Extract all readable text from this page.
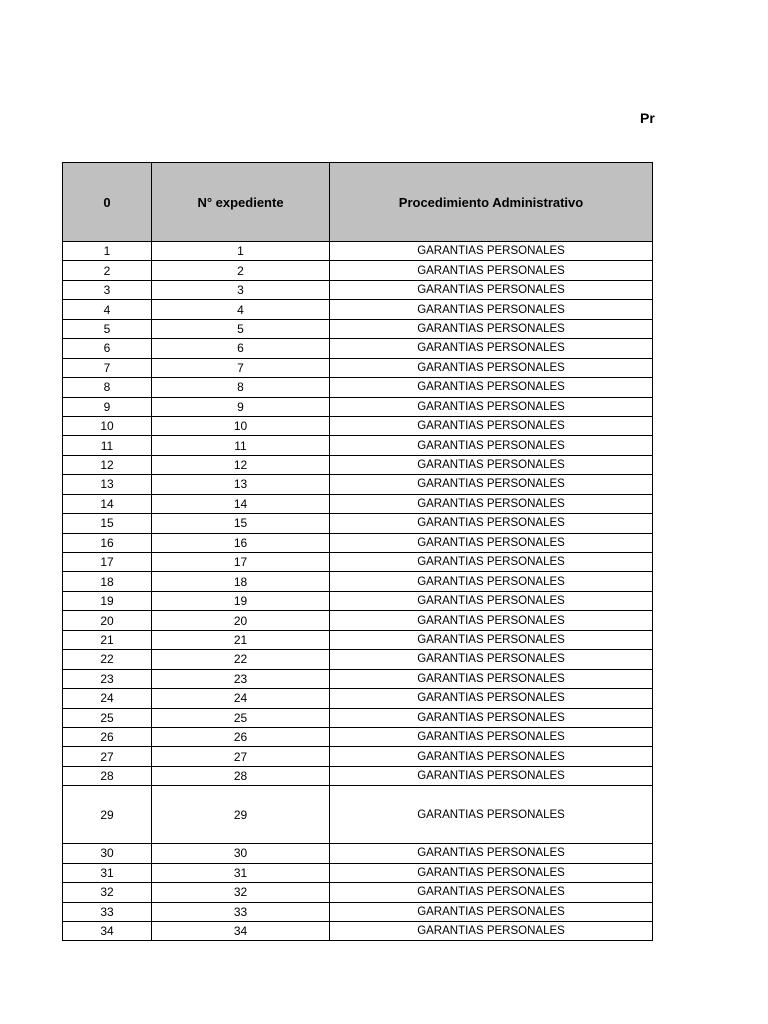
Pr
0	N° expediente	Procedimiento Administrativo
1	1	GARANTIAS PERSONALES
2	2	GARANTIAS PERSONALES
3	3	GARANTIAS PERSONALES
4	4	GARANTIAS PERSONALES
5	5	GARANTIAS PERSONALES
6	6	GARANTIAS PERSONALES
7	7	GARANTIAS PERSONALES
8	8	GARANTIAS PERSONALES
9	9	GARANTIAS PERSONALES
10	10	GARANTIAS PERSONALES
11	11	GARANTIAS PERSONALES
12	12	GARANTIAS PERSONALES
13	13	GARANTIAS PERSONALES
14	14	GARANTIAS PERSONALES
15	15	GARANTIAS PERSONALES
16	16	GARANTIAS PERSONALES
17	17	GARANTIAS PERSONALES
18	18	GARANTIAS PERSONALES
19	19	GARANTIAS PERSONALES
20	20	GARANTIAS PERSONALES
21	21	GARANTIAS PERSONALES
22	22	GARANTIAS PERSONALES
23	23	GARANTIAS PERSONALES
24	24	GARANTIAS PERSONALES
25	25	GARANTIAS PERSONALES
26	26	GARANTIAS PERSONALES
27	27	GARANTIAS PERSONALES
28	28	GARANTIAS PERSONALES
29	29	GARANTIAS PERSONALES
30	30	GARANTIAS PERSONALES
31	31	GARANTIAS PERSONALES
32	32	GARANTIAS PERSONALES
33	33	GARANTIAS PERSONALES
34	34	GARANTIAS PERSONALES
